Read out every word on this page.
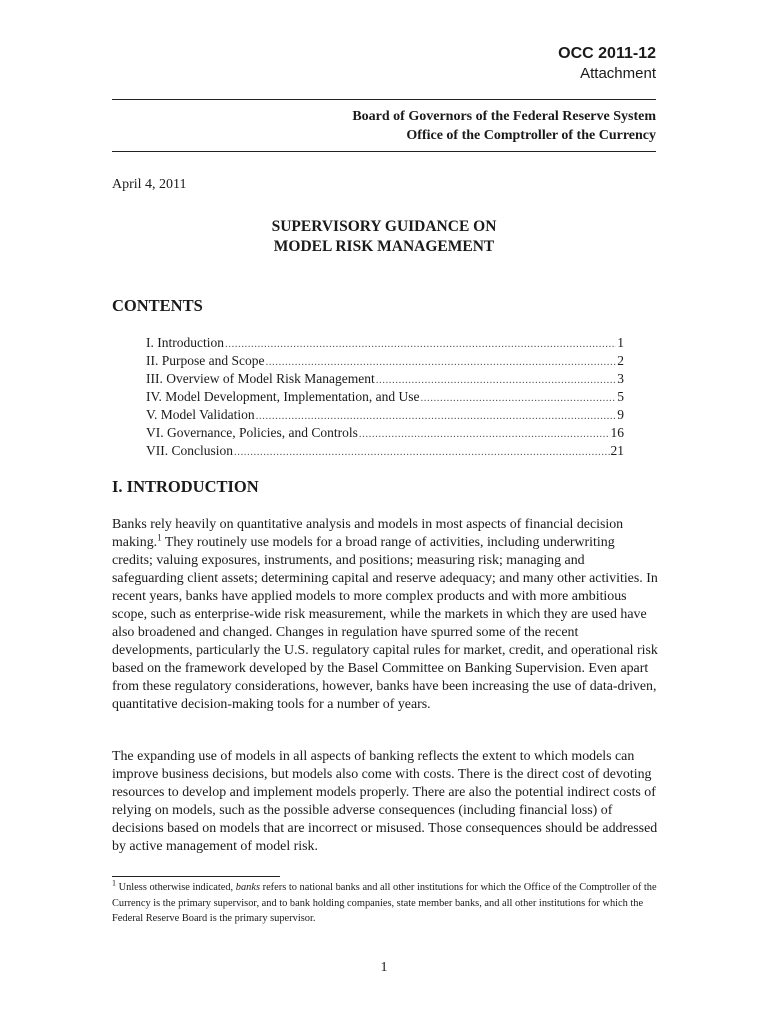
OCC 2011-12
Attachment
Board of Governors of the Federal Reserve System
Office of the Comptroller of the Currency
April 4, 2011
SUPERVISORY GUIDANCE ON
MODEL RISK MANAGEMENT
CONTENTS
I. Introduction .....	1
II. Purpose and Scope .....	2
III. Overview of Model Risk Management .....	3
IV. Model Development, Implementation, and Use .....	5
V. Model Validation .....	9
VI. Governance, Policies, and Controls .....	16
VII. Conclusion .....	21
I. INTRODUCTION

Banks rely heavily on quantitative analysis and models in most aspects of financial decision making.$^1$ They routinely use models for a broad range of activities, including underwriting credits; valuing exposures, instruments, and positions; measuring risk; managing and safeguarding client assets; determining capital and reserve adequacy; and many other activities. In recent years, banks have applied models to more complex products and with more ambitious scope, such as enterprise-wide risk measurement, while the markets in which they are used have also broadened and changed. Changes in regulation have spurred some of the recent developments, particularly the U.S. regulatory capital rules for market, credit, and operational risk based on the framework developed by the Basel Committee on Banking Supervision. Even apart from these regulatory considerations, however, banks have been increasing the use of data-driven, quantitative decision-making tools for a number of years.

The expanding use of models in all aspects of banking reflects the extent to which models can improve business decisions, but models also come with costs. There is the direct cost of devoting resources to develop and implement models properly. There are also the potential indirect costs of relying on models, such as the possible adverse consequences (including financial loss) of decisions based on models that are incorrect or misused. Those consequences should be addressed by active management of model risk.

$^1$ Unless otherwise indicated, banks refers to national banks and all other institutions for which the Office of the Comptroller of the Currency is the primary supervisor, and to bank holding companies, state member banks, and all other institutions for which the Federal Reserve Board is the primary supervisor.

1
